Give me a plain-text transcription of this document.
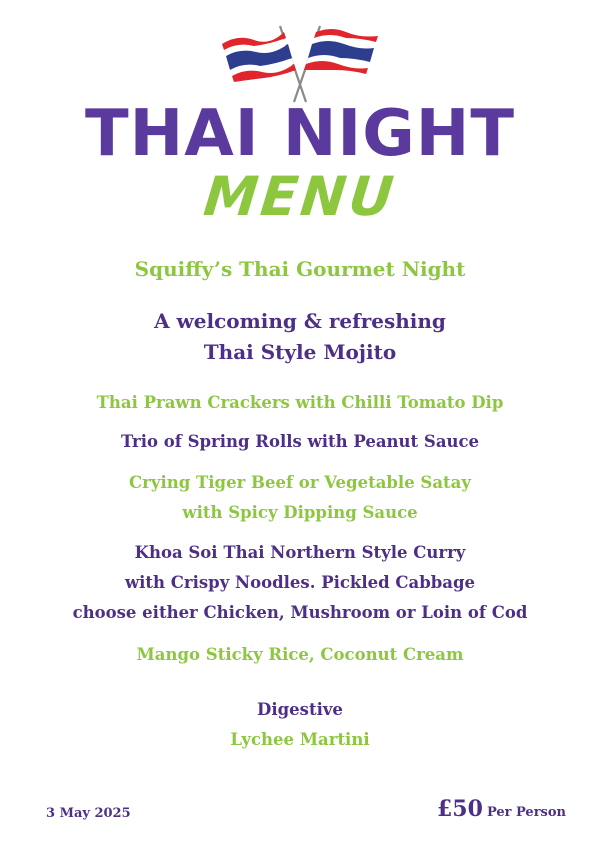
THAI NIGHT
MENU
Squiffy’s Thai Gourmet Night
A welcoming & refreshing
Thai Style Mojito
Thai Prawn Crackers with Chilli Tomato Dip
Trio of Spring Rolls with Peanut Sauce
Crying Tiger Beef or Vegetable Satay
with Spicy Dipping Sauce
Khoa Soi Thai Northern Style Curry
with Crispy Noodles. Pickled Cabbage
choose either Chicken, Mushroom or Loin of Cod
Mango Sticky Rice, Coconut Cream
Digestive
Lychee Martini
3 May 2025	£50 Per Person
